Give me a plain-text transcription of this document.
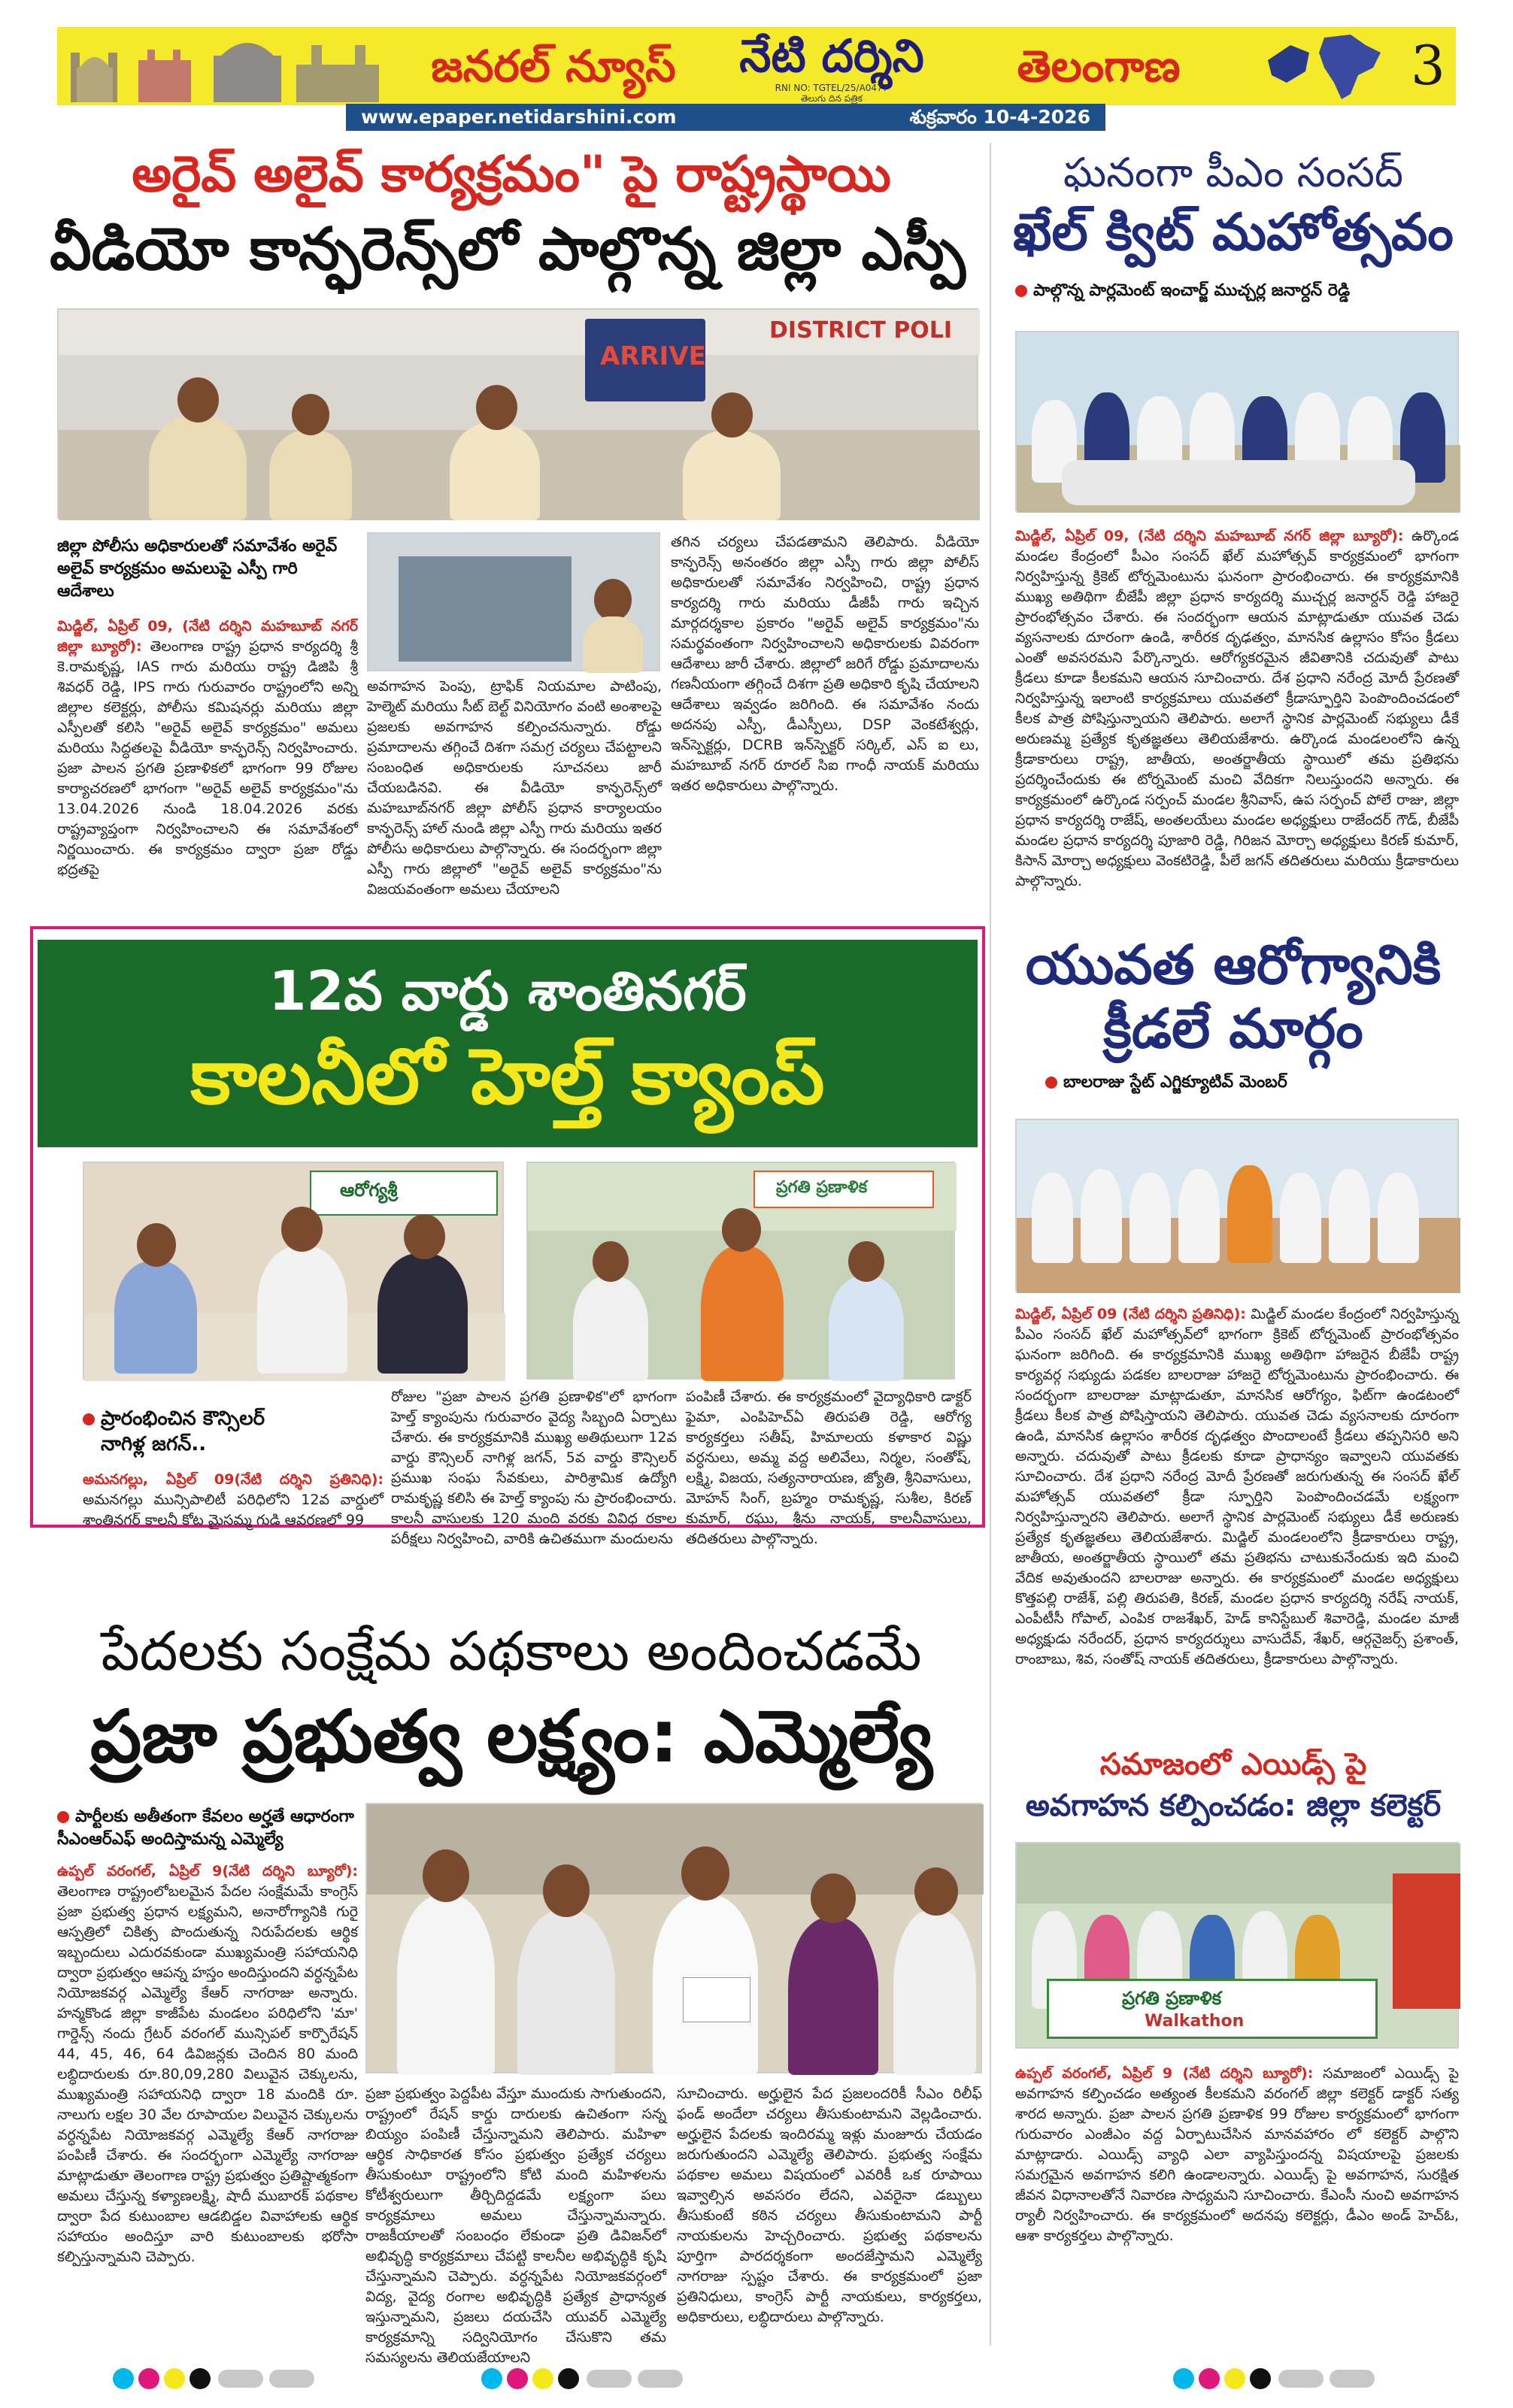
జనరల్ న్యూస్	నేటి దర్శిని
RNI NO: TGTEL/25/A0477
తెలుగు దిన పత్రిక
తెలంగాణ	3
www.epaper.netidarshini.com	శుక్రవారం 10-4-2026
అరైవ్ అలైవ్ కార్యక్రమం" పై రాష్ట్రస్థాయి
వీడియో కాన్ఫరెన్స్‌లో పాల్గొన్న జిల్లా ఎస్పీ
DISTRICT POLI
ARRIVE
జిల్లా పోలీసు అధికారులతో సమావేశం అరైవ్ అలైవ్ కార్యక్రమం అమలుపై ఎస్పీ గారి ఆదేశాలు
మిడ్జిల్, ఏప్రిల్ 09, (నేటి దర్శిని మహబూబ్ నగర్ జిల్లా బ్యూరో): తెలంగాణ రాష్ట్ర ప్రధాన కార్యదర్శి శ్రీ కె.రామకృష్ణ, IAS గారు మరియు రాష్ట్ర డిజిపి శ్రీ శివధర్ రెడ్డి, IPS గారు గురువారం రాష్ట్రంలోని అన్ని జిల్లాల కలెక్టర్లు, పోలీసు కమిషనర్లు మరియు జిల్లా ఎస్పీలతో కలిసి "అరైవ్ అలైవ్ కార్యక్రమం" అమలు మరియు సిద్ధతలపై వీడియో కాన్ఫరెన్స్ నిర్వహించారు. ప్రజా పాలన ప్రగతి ప్రణాళికలో భాగంగా 99 రోజుల కార్యాచరణలో భాగంగా "అరైవ్ అలైవ్ కార్యక్రమం"ను 13.04.2026 నుండి 18.04.2026 వరకు రాష్ట్రవ్యాప్తంగా నిర్వహించాలని ఈ సమావేశంలో నిర్ణయించారు. ఈ కార్యక్రమం ద్వారా ప్రజా రోడ్డు భద్రతపై
అవగాహన పెంపు, ట్రాఫిక్ నియమాల పాటింపు, హెల్మెట్ మరియు సీట్ బెల్ట్ వినియోగం వంటి అంశాలపై ప్రజలకు అవగాహన కల్పించనున్నారు. రోడ్డు ప్రమాదాలను తగ్గించే దిశగా సమగ్ర చర్యలు చేపట్టాలని సంబంధిత అధికారులకు సూచనలు జారీ చేయబడినవి. ఈ వీడియో కాన్ఫరెన్స్‌లో మహబూబ్‌నగర్ జిల్లా పోలీస్ ప్రధాన కార్యాలయం కాన్ఫరెన్స్ హాల్ నుండి జిల్లా ఎస్పీ గారు మరియు ఇతర పోలీసు అధికారులు పాల్గొన్నారు. ఈ సందర్భంగా జిల్లా ఎస్పీ గారు జిల్లాలో "అరైవ్ అలైవ్ కార్యక్రమం"ను విజయవంతంగా అమలు చేయాలని
తగిన చర్యలు చేపడతామని తెలిపారు. వీడియో కాన్ఫరెన్స్ అనంతరం జిల్లా ఎస్పీ గారు జిల్లా పోలీస్ అధికారులతో సమావేశం నిర్వహించి, రాష్ట్ర ప్రధాన కార్యదర్శి గారు మరియు డీజీపీ గారు ఇచ్చిన మార్గదర్శకాల ప్రకారం "అరైవ్ అలైవ్ కార్యక్రమం"ను సమర్థవంతంగా నిర్వహించాలని అధికారులకు వివరంగా ఆదేశాలు జారీ చేశారు. జిల్లాలో జరిగే రోడ్డు ప్రమాదాలను గణనీయంగా తగ్గించే దిశగా ప్రతి అధికారి కృషి చేయాలని ఆదేశాలు ఇవ్వడం జరిగింది. ఈ సమావేశం నందు అదనపు ఎస్పీ, డీఎస్పీలు, DSP వెంకటేశ్వర్లు, ఇన్‌స్పెక్టర్లు, DCRB ఇన్‌స్పెక్టర్ సర్కిల్, ఎస్ ఐ లు, మహబూబ్ నగర్ రూరల్ సిఐ గాంధీ నాయక్ మరియు ఇతర అధికారులు పాల్గొన్నారు.
12వ వార్డు శాంతినగర్
కాలనీలో హెల్త్ క్యాంప్
ఆరోగ్యశ్రీ	ప్రగతి ప్రణాళిక
ప్రారంభించిన కౌన్సిలర్
నాగిళ్ల జగన్..
అమనగల్లు, ఏప్రిల్ 09(నేటి దర్శిని ప్రతినిధి): అమనగల్లు మున్సిపాలిటీ పరిధిలోని 12వ వార్డులో శాంతినగర్ కాలనీ కోట మైసమ్మ గుడి ఆవరణలో 99
రోజుల "ప్రజా పాలన ప్రగతి ప్రణాళిక"లో భాగంగా హెల్త్ క్యాంపును గురువారం వైద్య సిబ్బంది ఏర్పాటు చేశారు. ఈ కార్యక్రమానికి ముఖ్య అతిథులుగా 12వ వార్డు కౌన్సిలర్ నాగిళ్ల జగన్, 5వ వార్డు కౌన్సిలర్ ప్రముఖ సంఘ సేవకులు, పారిశ్రామిక ఉద్యోగి రామకృష్ణ కలిసి ఈ హెల్త్ క్యాంపు ను ప్రారంభించారు. కాలనీ వాసులకు 120 మంది వరకు వివిధ రకాల పరీక్షలు నిర్వహించి, వారికి ఉచితముగా మందులను
పంపిణీ చేశారు. ఈ కార్యక్రమంలో వైద్యాధికారి డాక్టర్ ఫైమా, ఎంపిహెచ్ఏ తిరుపతి రెడ్డి, ఆరోగ్య కార్యకర్తలు సతీష్, హిమాలయ కళాకార విష్ణు వర్ధనులు, అమ్మ వద్ద అలివేలు, నిర్మల, సంతోష్, లక్ష్మి, విజయ, సత్యనారాయణ, జ్యోతి, శ్రీనివాసులు, మోహన్ సింగ్, బ్రహ్మం రామకృష్ణ, సుశీల, కిరణ్ కుమార్, రఘు, శ్రీను నాయక్, కాలనీవాసులు, తదితరులు పాల్గొన్నారు.
పేదలకు సంక్షేమ పథకాలు అందించడమే
ప్రజా ప్రభుత్వ లక్ష్యం: ఎమ్మెల్యే
పార్టీలకు అతీతంగా కేవలం అర్హతే ఆధారంగా సీఎంఆర్ఎఫ్ అందిస్తామన్న ఎమ్మెల్యే
ఉప్పల్ వరంగల్, ఏప్రిల్ 9(నేటి దర్శిని బ్యూరో): తెలంగాణ రాష్ట్రంలోబలమైన పేదల సంక్షేమమే కాంగ్రెస్ ప్రజా ప్రభుత్వ ప్రధాన లక్ష్యమని, అనారోగ్యానికి గురై ఆస్పత్రిలో చికిత్స పొందుతున్న నిరుపేదలకు ఆర్థిక ఇబ్బందులు ఎదురవకుండా ముఖ్యమంత్రి సహాయనిధి ద్వారా ప్రభుత్వం ఆపన్న హస్తం అందిస్తుందని వర్ధన్నపేట నియోజకవర్గ ఎమ్మెల్యే కేఆర్ నాగరాజు అన్నారు. హన్మకొండ జిల్లా కాజీపేట మండలం పరిధిలోని 'మా' గార్డెన్స్ నందు గ్రేటర్ వరంగల్ మున్సిపల్ కార్పొరేషన్ 44, 45, 46, 64 డివిజన్లకు చెందిన 80 మంది లబ్ధిదారులకు రూ.80,09,280 విలువైన చెక్కులను, ముఖ్యమంత్రి సహాయనిధి ద్వారా 18 మందికి రూ. నాలుగు లక్షల 30 వేల రూపాయల విలువైన చెక్కులను వర్ధన్నపేట నియోజకవర్గ ఎమ్మెల్యే కేఆర్ నాగరాజు పంపిణీ చేశారు. ఈ సందర్భంగా ఎమ్మెల్యే నాగరాజు మాట్లాడుతూ తెలంగాణ రాష్ట్ర ప్రభుత్వం ప్రతిష్టాత్మకంగా అమలు చేస్తున్న కళ్యాణలక్ష్మి, షాదీ ముబారక్ పథకాల ద్వారా పేద కుటుంబాల ఆడబిడ్డల వివాహాలకు ఆర్థిక సహాయం అందిస్తూ వారి కుటుంబాలకు భరోసా కల్పిస్తున్నామని చెప్పారు.
ప్రజా ప్రభుత్వం పెద్దపీట వేస్తూ ముందుకు సాగుతుందని, రాష్ట్రంలో రేషన్ కార్డు దారులకు ఉచితంగా సన్న బియ్యం పంపిణీ చేస్తున్నామని తెలిపారు. మహిళా ఆర్థిక సాధికారత కోసం ప్రభుత్వం ప్రత్యేక చర్యలు తీసుకుంటూ రాష్ట్రంలోని కోటి మంది మహిళలను కోటీశ్వరులుగా తీర్చిదిద్దడమే లక్ష్యంగా పలు కార్యక్రమాలు అమలు చేస్తున్నామన్నారు. రాజకీయాలతో సంబంధం లేకుండా ప్రతి డివిజన్‌లో అభివృద్ధి కార్యక్రమాలు చేపట్టి కాలనీల అభివృద్ధికి కృషి చేస్తున్నామని చెప్పారు. వర్ధన్నపేట నియోజకవర్గంలో విద్య, వైద్య రంగాల అభివృద్ధికి ప్రత్యేక ప్రాధాన్యత ఇస్తున్నామని, ప్రజలు దయచేసి యువర్ ఎమ్మెల్యే కార్యక్రమాన్ని సద్వినియోగం చేసుకొని తమ సమస్యలను తెలియజేయాలని
సూచించారు. అర్హులైన పేద ప్రజలందరికీ సీఎం రిలీఫ్ ఫండ్ అందేలా చర్యలు తీసుకుంటామని వెల్లడించారు. అర్హులైన పేదలకు ఇందిరమ్మ ఇళ్లు మంజూరు చేయడం జరుగుతుందని ఎమ్మెల్యే తెలిపారు. ప్రభుత్వ సంక్షేమ పథకాల అమలు విషయంలో ఎవరికీ ఒక రూపాయి ఇవ్వాల్సిన అవసరం లేదని, ఎవరైనా డబ్బులు తీసుకుంటే కఠిన చర్యలు తీసుకుంటామని పార్టీ నాయకులను హెచ్చరించారు. ప్రభుత్వ పథకాలను పూర్తిగా పారదర్శకంగా అందజేస్తామని ఎమ్మెల్యే నాగరాజు స్పష్టం చేశారు. ఈ కార్యక్రమంలో ప్రజా ప్రతినిధులు, కాంగ్రెస్ పార్టీ నాయకులు, కార్యకర్తలు, అధికారులు, లబ్ధిదారులు పాల్గొన్నారు.
ఘనంగా పీఎం సంసద్
ఖేల్ క్విట్ మహోత్సవం
పాల్గొన్న పార్లమెంట్ ఇంచార్జ్ ముచ్చర్ల జనార్దన్ రెడ్డి
మిడ్జిల్, ఏప్రిల్ 09, (నేటి దర్శిని మహబూబ్ నగర్ జిల్లా బ్యూరో): ఉర్కొండ మండల కేంద్రంలో పీఎం సంసద్ ఖేల్ మహోత్సవ్ కార్యక్రమంలో భాగంగా నిర్వహిస్తున్న క్రికెట్ టోర్నమెంటును ఘనంగా ప్రారంభించారు. ఈ కార్యక్రమానికి ముఖ్య అతిథిగా బీజేపీ జిల్లా ప్రధాన కార్యదర్శి ముచ్చర్ల జనార్దన్ రెడ్డి హాజరై ప్రారంభోత్సవం చేశారు. ఈ సందర్భంగా ఆయన మాట్లాడుతూ యువత చెడు వ్యసనాలకు దూరంగా ఉండి, శారీరక దృఢత్వం, మానసిక ఉల్లాసం కోసం క్రీడలు ఎంతో అవసరమని పేర్కొన్నారు. ఆరోగ్యకరమైన జీవితానికి చదువుతో పాటు క్రీడలు కూడా కీలకమని ఆయన సూచించారు. దేశ ప్రధాని నరేంద్ర మోదీ ప్రేరణతో నిర్వహిస్తున్న ఇలాంటి కార్యక్రమాలు యువతలో క్రీడాస్ఫూర్తిని పెంపొందించడంలో కీలక పాత్ర పోషిస్తున్నాయని తెలిపారు. అలాగే స్థానిక పార్లమెంట్ సభ్యులు డీకే అరుణమ్మ ప్రత్యేక కృతజ్ఞతలు తెలియజేశారు. ఉర్కొండ మండలంలోని ఉన్న క్రీడాకారులు రాష్ట్ర, జాతీయ, అంతర్జాతీయ స్థాయిలో తమ ప్రతిభను ప్రదర్శించేందుకు ఈ టోర్నమెంట్ మంచి వేదికగా నిలుస్తుందని అన్నారు. ఈ కార్యక్రమంలో ఉర్కొండ సర్పంచ్ మండల శ్రీనివాస్, ఉప సర్పంచ్ పోలే రాజు, జిల్లా ప్రధాన కార్యదర్శి రాజేష్, అంతలయేలు మండల అధ్యక్షులు రాజేందర్ గౌడ్, బీజేపీ మండల ప్రధాన కార్యదర్శి పూజారి రెడ్డి, గిరిజన మోర్చా అధ్యక్షులు కిరణ్ కుమార్, కిసాన్ మోర్చా అధ్యక్షులు వెంకటిరెడ్డి, పీలే జగన్ తదితరులు మరియు క్రీడాకారులు పాల్గొన్నారు.
యువత ఆరోగ్యానికి
క్రీడలే మార్గం
బాలరాజు స్టేట్ ఎగ్జిక్యూటివ్ మెంబర్
మిడ్జిల్, ఏప్రిల్ 09 (నేటి దర్శిని ప్రతినిధి): మిడ్జిల్ మండల కేంద్రంలో నిర్వహిస్తున్న పీఎం సంసద్ ఖేల్ మహోత్సవ్‌లో భాగంగా క్రికెట్ టోర్నమెంట్ ప్రారంభోత్సవం ఘనంగా జరిగింది. ఈ కార్యక్రమానికి ముఖ్య అతిథిగా హాజరైన బీజేపీ రాష్ట్ర కార్యవర్గ సభ్యుడు పడకల బాలరాజు హాజరై టోర్నమెంటును ప్రారంభించారు. ఈ సందర్భంగా బాలరాజు మాట్లాడుతూ, మానసిక ఆరోగ్యం, ఫిట్‌గా ఉండటంలో క్రీడలు కీలక పాత్ర పోషిస్తాయని తెలిపారు. యువత చెడు వ్యసనాలకు దూరంగా ఉండి, మానసిక ఉల్లాసం శారీరక దృఢత్వం పొందాలంటే క్రీడలు తప్పనిసరి అని అన్నారు. చదువుతో పాటు క్రీడలకు కూడా ప్రాధాన్యం ఇవ్వాలని యువతకు సూచించారు. దేశ ప్రధాని నరేంద్ర మోదీ ప్రేరణతో జరుగుతున్న ఈ సంసద్ ఖేల్ మహోత్సవ్ యువతలో క్రీడా స్ఫూర్తిని పెంపొందించడమే లక్ష్యంగా నిర్వహిస్తున్నారని తెలిపారు. అలాగే స్థానిక పార్లమెంట్ సభ్యులు డీకే అరుణకు ప్రత్యేక కృతజ్ఞతలు తెలియజేశారు. మిడ్జిల్ మండలంలోని క్రీడాకారులు రాష్ట్ర, జాతీయ, అంతర్జాతీయ స్థాయిలో తమ ప్రతిభను చాటుకునేందుకు ఇది మంచి వేదిక అవుతుందని బాలరాజు అన్నారు. ఈ కార్యక్రమంలో మండల అధ్యక్షులు కొత్తపల్లి రాజేశ్, పల్లి తిరుపతి, కిరణ్, మండల ప్రధాన కార్యదర్శి నరేష్ నాయక్, ఎంపీటీసీ గోపాల్, ఎంపిక రాజశేఖర్, హెడ్ కానిస్టేబుల్ శివారెడ్డి, మండల మాజీ అధ్యక్షుడు నరేందర్, ప్రధాన కార్యదర్శులు వాసుదేవ్, శేఖర్, ఆర్గనైజర్స్ ప్రశాంత్, రాంబాబు, శివ, సంతోష్ నాయక్ తదితరులు, క్రీడాకారులు పాల్గొన్నారు.
సమాజంలో ఎయిడ్స్ పై
అవగాహన కల్పించడం: జిల్లా కలెక్టర్
ప్రగతి ప్రణాళిక
Walkathon
ఉప్పల్ వరంగల్, ఏప్రిల్ 9 (నేటి దర్శిని బ్యూరో): సమాజంలో ఎయిడ్స్ పై అవగాహన కల్పించడం అత్యంత కీలకమని వరంగల్ జిల్లా కలెక్టర్ డాక్టర్ సత్య శారద అన్నారు. ప్రజా పాలన ప్రగతి ప్రణాళిక 99 రోజుల కార్యక్రమంలో భాగంగా గురువారం ఎంజీఎం వద్ద ఏర్పాటుచేసిన మానవహారం లో కలెక్టర్ పాల్గొని మాట్లాడారు. ఎయిడ్స్ వ్యాధి ఎలా వ్యాపిస్తుందన్న విషయాలపై ప్రజలకు సమగ్రమైన అవగాహన కలిగి ఉండాలన్నారు. ఎయిడ్స్ పై అవగాహన, సురక్షిత జీవన విధానాలతోనే నివారణ సాధ్యమని సూచించారు. కేఎంసీ నుంచి అవగాహన ర్యాలీ నిర్వహించారు. ఈ కార్యక్రమంలో అదనపు కలెక్టర్లు, డీఎం అండ్ హెచ్ఓ, ఆశా కార్యకర్తలు పాల్గొన్నారు.
